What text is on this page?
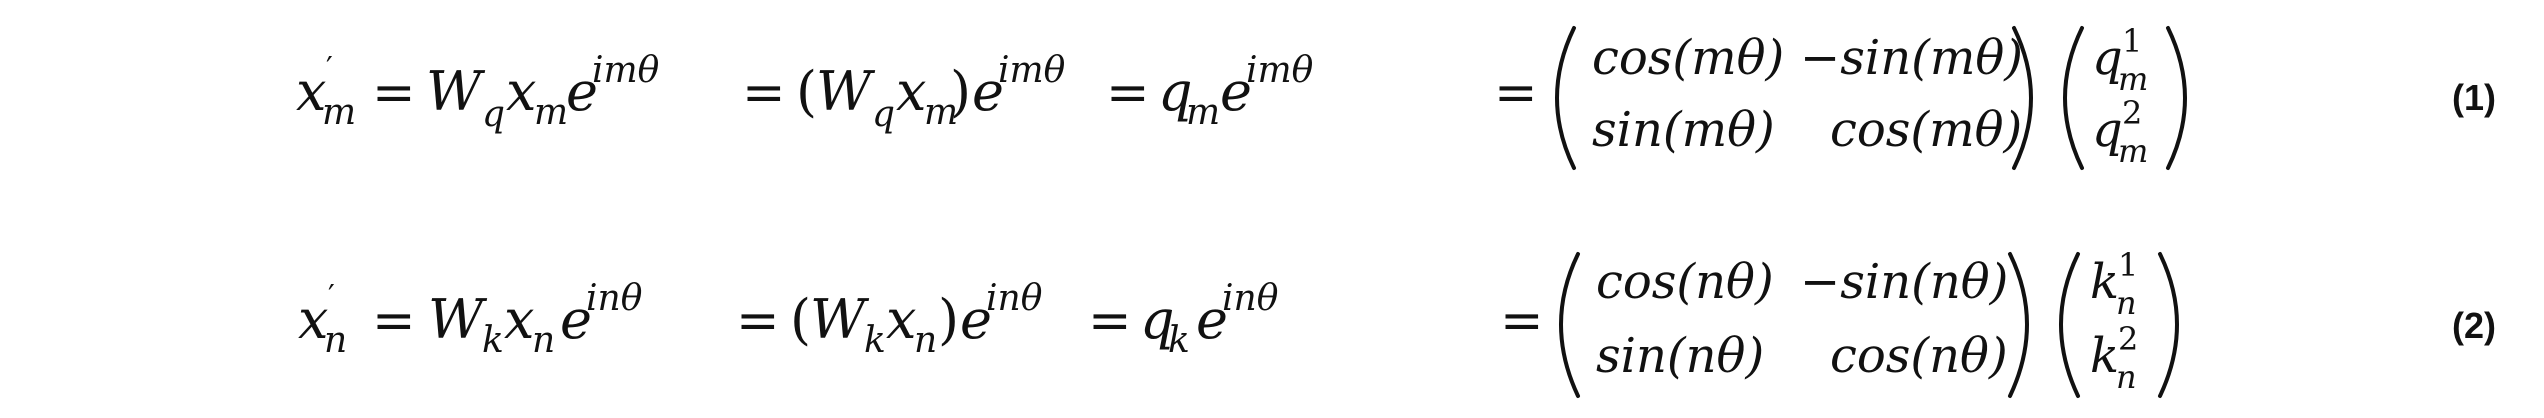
x ′
m = W q x
m
e
imθ = (
W q x
m
) e
imθ = q
m e
imθ	=
cos(mθ) −sin(mθ)
sin(mθ) cos(mθ)
q 1
m
q 2
m
(1)
x ′
n = W
k x
n e
inθ = (
W
k x
n ) e
inθ = q
k e
inθ	=
cos(nθ) −sin(nθ)
sin(nθ) cos(nθ)
k
1
n
k
2
n
(2)
